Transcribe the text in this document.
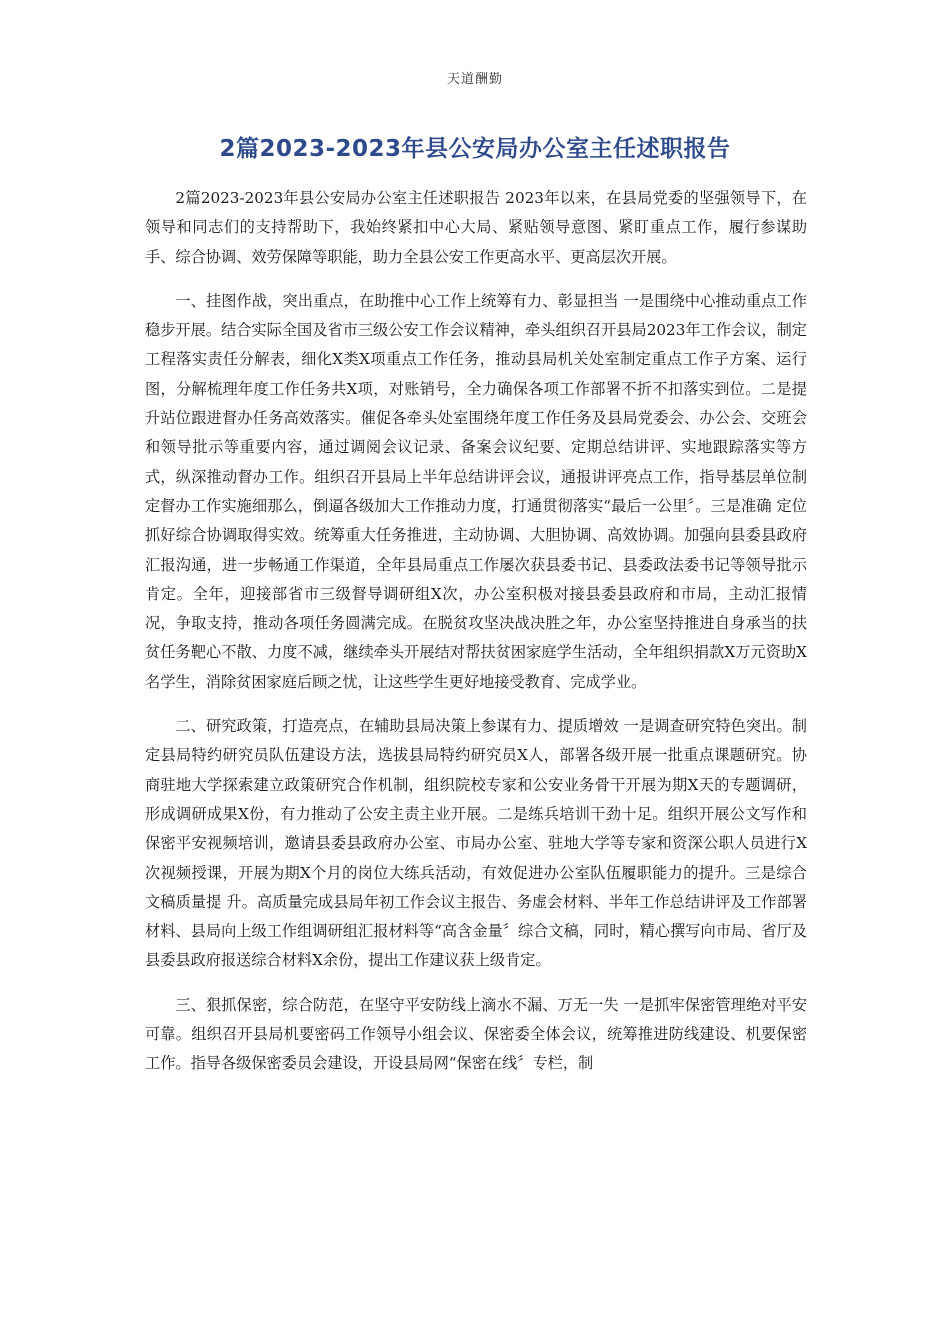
天道酬勤
2篇2023-2023年县公安局办公室主任述职报告

2篇2023-2023年县公安局办公室主任述职报告 2023年以来，在县局党委的坚强领导下，在领导和同志们的支持帮助下，我始终紧扣中心大局、紧贴领导意图、紧盯重点工作，履行参谋助手、综合协调、效劳保障等职能，助力全县公安工作更高水平、更高层次开展。

一、挂图作战，突出重点，在助推中心工作上统筹有力、彰显担当 一是围绕中心推动重点工作稳步开展。结合实际全国及省市三级公安工作会议精神，牵头组织召开县局2023年工作会议，制定工程落实责任分解表，细化X类X项重点工作任务，推动县局机关处室制定重点工作子方案、运行图，分解梳理年度工作任务共X项，对账销号，全力确保各项工作部署不折不扣落实到位。二是提升站位跟进督办任务高效落实。催促各牵头处室围绕年度工作任务及县局党委会、办公会、交班会和领导批示等重要内容，通过调阅会议记录、备案会议纪要、定期总结讲评、实地跟踪落实等方式，纵深推动督办工作。组织召开县局上半年总结讲评会议，通报讲评亮点工作，指导基层单位制定督办工作实施细那么，倒逼各级加大工作推动力度，打通贯彻落实“最后一公里〞。三是准确 定位抓好综合协调取得实效。统筹重大任务推进，主动协调、大胆协调、高效协调。加强向县委县政府汇报沟通，进一步畅通工作渠道，全年县局重点工作屡次获县委书记、县委政法委书记等领导批示肯定。全年，迎接部省市三级督导调研组X次，办公室积极对接县委县政府和市局，主动汇报情况，争取支持，推动各项任务圆满完成。在脱贫攻坚决战决胜之年，办公室坚持推进自身承当的扶贫任务靶心不散、力度不减，继续牵头开展结对帮扶贫困家庭学生活动，全年组织捐款X万元资助X名学生，消除贫困家庭后顾之忧，让这些学生更好地接受教育、完成学业。

二、研究政策，打造亮点，在辅助县局决策上参谋有力、提质增效 一是调查研究特色突出。制定县局特约研究员队伍建设方法，选拔县局特约研究员X人，部署各级开展一批重点课题研究。协商驻地大学探索建立政策研究合作机制，组织院校专家和公安业务骨干开展为期X天的专题调研，形成调研成果X份，有力推动了公安主责主业开展。二是练兵培训干劲十足。组织开展公文写作和保密平安视频培训，邀请县委县政府办公室、市局办公室、驻地大学等专家和资深公职人员进行X次视频授课，开展为期X个月的岗位大练兵活动，有效促进办公室队伍履职能力的提升。三是综合文稿质量提 升。高质量完成县局年初工作会议主报告、务虚会材料、半年工作总结讲评及工作部署材料、县局向上级工作组调研组汇报材料等“高含金量〞综合文稿，同时，精心撰写向市局、省厅及县委县政府报送综合材料X余份，提出工作建议获上级肯定。

三、狠抓保密，综合防范，在坚守平安防线上滴水不漏、万无一失 一是抓牢保密管理绝对平安可靠。组织召开县局机要密码工作领导小组会议、保密委全体会议，统筹推进防线建设、机要保密工作。指导各级保密委员会建设，开设县局网“保密在线〞专栏，制
